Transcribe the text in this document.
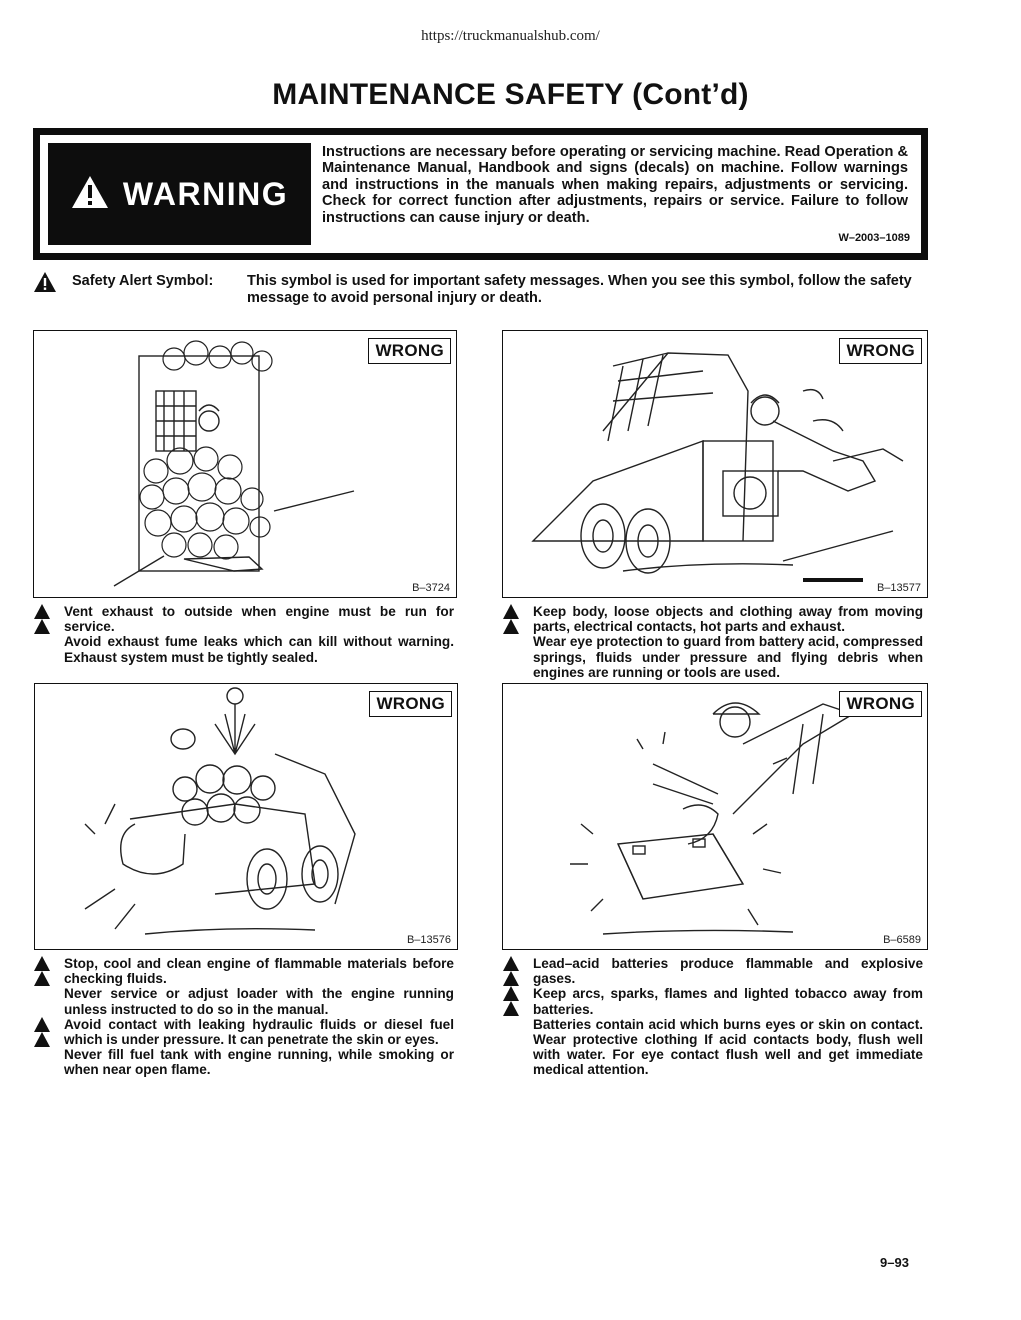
https://truckmanualshub.com/
MAINTENANCE SAFETY (Cont’d)
WARNING
Instructions are necessary before operating or servicing machine. Read Operation & Maintenance Manual, Handbook and signs (decals) on machine. Follow warnings and instructions in the manuals when making repairs, adjustments or servicing. Check for correct function after adjustments, repairs or service. Failure to follow instructions can cause injury or death.
W–2003–1089
Safety Alert Symbol: This symbol is used for important safety messages. When you see this symbol, follow the safety message to avoid personal injury or death.
WRONG
B–3724
WRONG
B–13577
Vent exhaust to outside when engine must be run for service.
Avoid exhaust fume leaks which can kill without warning. Exhaust system must be tightly sealed.
Keep body, loose objects and clothing away from moving parts, electrical contacts, hot parts and exhaust.
Wear eye protection to guard from battery acid, compressed springs, fluids under pressure and flying debris when engines are running or tools are used.
WRONG
B–13576
WRONG
B–6589
Stop, cool and clean engine of flammable materials before checking fluids.
Never service or adjust loader with the engine running unless instructed to do so in the manual.
Avoid contact with leaking hydraulic fluids or diesel fuel which is under pressure. It can penetrate the skin or eyes.
Never fill fuel tank with engine running, while smoking or when near open flame.
Lead–acid batteries produce flammable and explosive gases.
Keep arcs, sparks, flames and lighted tobacco away from batteries.
Batteries contain acid which burns eyes or skin on contact. Wear protective clothing If acid contacts body, flush well with water. For eye contact flush well and get immediate medical attention.
9–93
